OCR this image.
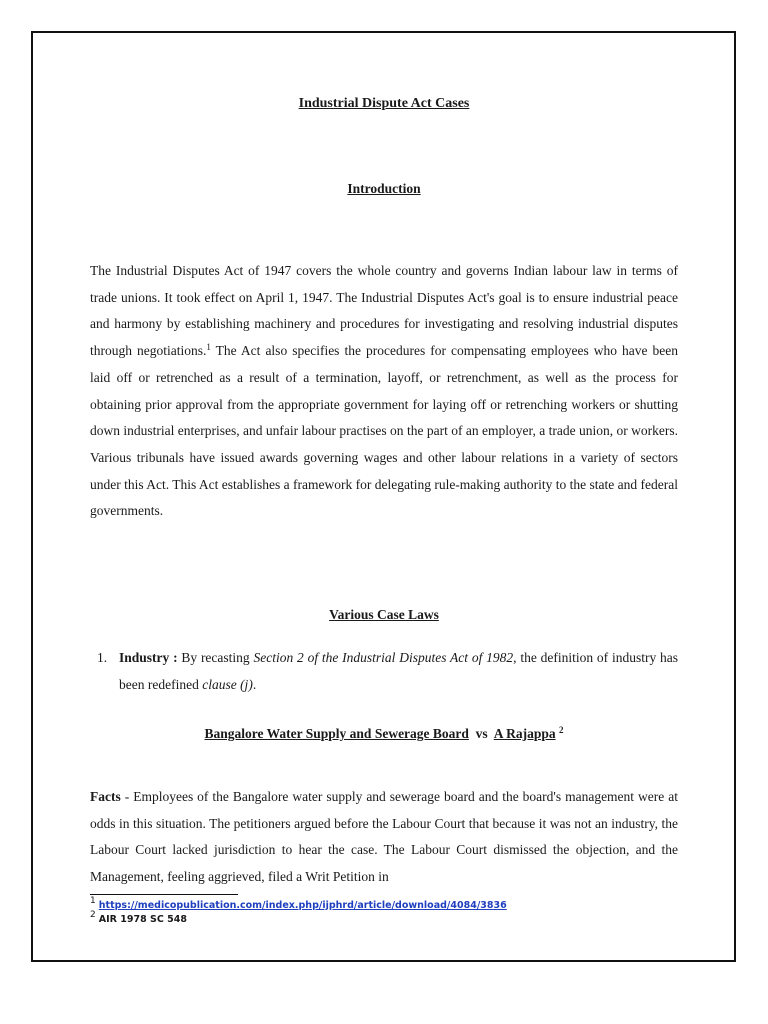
Industrial Dispute Act Cases
Introduction

The Industrial Disputes Act of 1947 covers the whole country and governs Indian labour law in terms of trade unions. It took effect on April 1, 1947. The Industrial Disputes Act's goal is to ensure industrial peace and harmony by establishing machinery and procedures for investigating and resolving industrial disputes through negotiations.$^1$ The Act also specifies the procedures for compensating employees who have been laid off or retrenched as a result of a termination, layoff, or retrenchment, as well as the process for obtaining prior approval from the appropriate government for laying off or retrenching workers or shutting down industrial enterprises, and unfair labour practises on the part of an employer, a trade union, or workers. Various tribunals have issued awards governing wages and other labour relations in a variety of sectors under this Act. This Act establishes a framework for delegating rule-making authority to the state and federal governments.

Various Case Laws
1. Industry : By recasting Section 2 of the Industrial Disputes Act of 1982, the definition of industry has been redefined clause (j).

Bangalore Water Supply and Sewerage Board vs A Rajappa $^2$

Facts - Employees of the Bangalore water supply and sewerage board and the board's management were at odds in this situation. The petitioners argued before the Labour Court that because it was not an industry, the Labour Court lacked jurisdiction to hear the case. The Labour Court dismissed the objection, and the Management, feeling aggrieved, filed a Writ Petition in

$^1$ https://medicopublication.com/index.php/ijphrd/article/download/4084/3836
$^2$ AIR 1978 SC 548
